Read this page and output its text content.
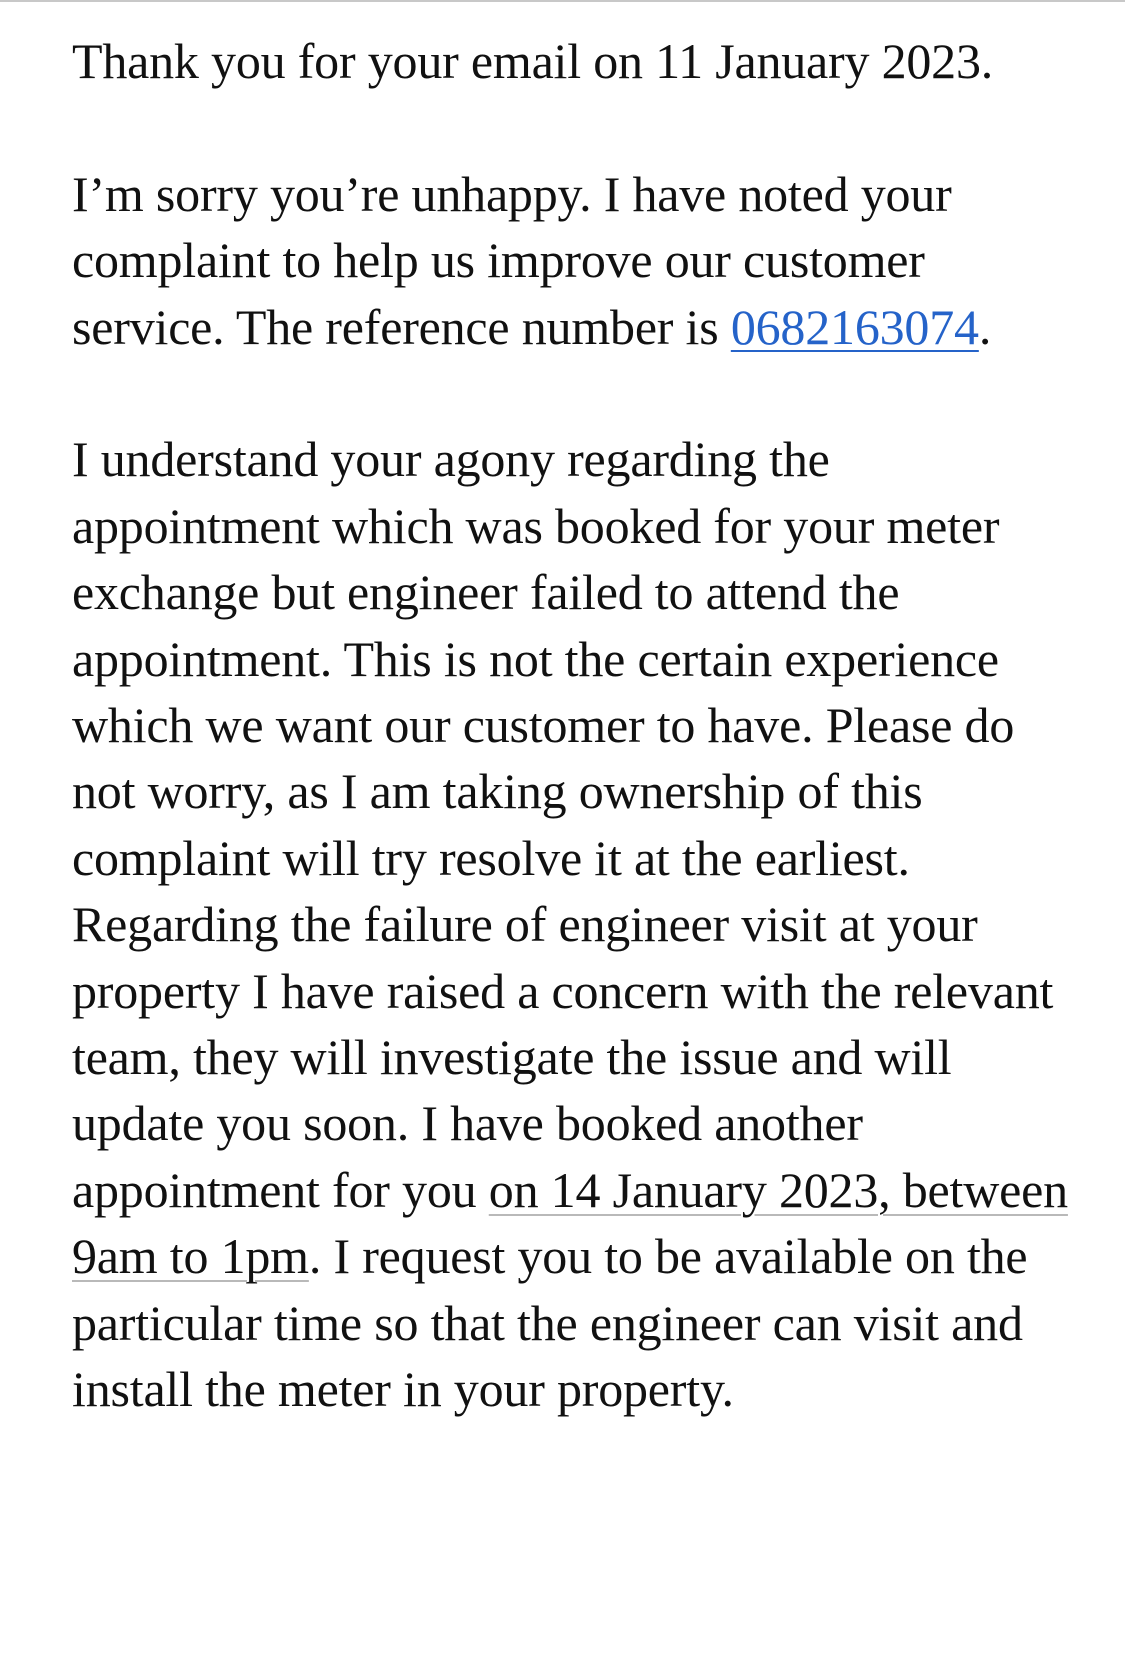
Thank you for your email on 11 January 2023.

I’m sorry you’re unhappy. I have noted your complaint to help us improve our customer service. The reference number is 0682163074.

I understand your agony regarding the appointment which was booked for your meter exchange but engineer failed to attend the appointment. This is not the certain experience which we want our customer to have. Please do not worry, as I am taking ownership of this complaint will try resolve it at the earliest. Regarding the failure of engineer visit at your property I have raised a concern with the relevant team, they will investigate the issue and will update you soon. I have booked another appointment for you on 14 January 2023, between 9am to 1pm. I request you to be available on the particular time so that the engineer can visit and install the meter in your property.
